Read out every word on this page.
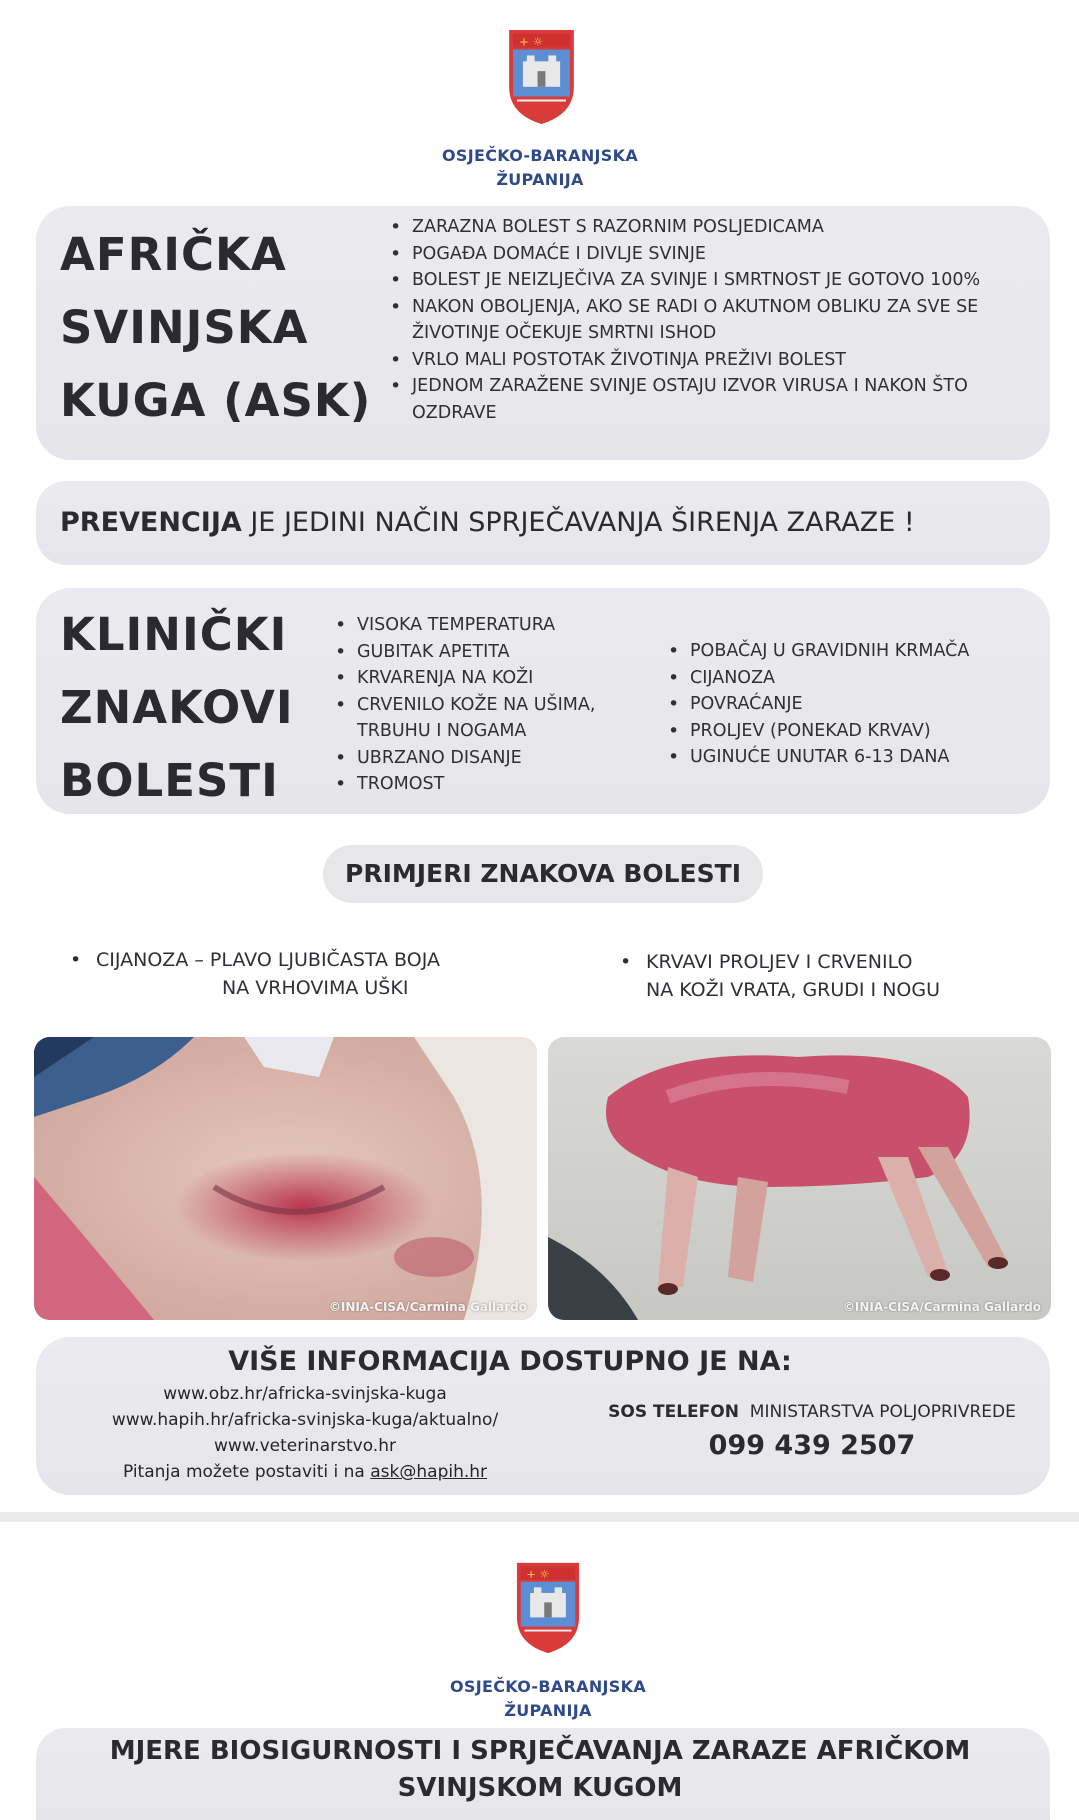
+ ☼
OSJEČKO-BARANJSKA
ŽUPANIJA
AFRIČKA
SVINJSKA
KUGA (ASK)
• ZARAZNA BOLEST S RAZORNIM POSLJEDICAMA
• POGAĐA DOMAĆE I DIVLJE SVINJE
• BOLEST JE NEIZLJEČIVA ZA SVINJE I SMRTNOST JE GOTOVO 100%
• NAKON OBOLJENJA, AKO SE RADI O AKUTNOM OBLIKU ZA SVE SE ŽIVOTINJE OČEKUJE SMRTNI ISHOD
• VRLO MALI POSTOTAK ŽIVOTINJA PREŽIVI BOLEST
• JEDNOM ZARAŽENE SVINJE OSTAJU IZVOR VIRUSA I NAKON ŠTO OZDRAVE
PREVENCIJA JE JEDINI NAČIN SPRJEČAVANJA ŠIRENJA ZARAZE !
KLINIČKI
ZNAKOVI
BOLESTI
• VISOKA TEMPERATURA
• GUBITAK APETITA
• KRVARENJA NA KOŽI
• CRVENILO KOŽE NA UŠIMA, TRBUHU I NOGAMA
• UBRZANO DISANJE
• TROMOST
• POBAČAJ U GRAVIDNIH KRMAČA
• CIJANOZA
• POVRAĆANJE
• PROLJEV (PONEKAD KRVAV)
• UGINUĆE UNUTAR 6-13 DANA
PRIMJERI ZNAKOVA BOLESTI
• CIJANOZA – PLAVO LJUBIČASTA BOJA
NA VRHOVIMA UŠKI
• KRVAVI PROLJEV I CRVENILO
NA KOŽI VRATA, GRUDI I NOGU
©INIA-CISA/Carmina Gallardo	©INIA-CISA/Carmina Gallardo
VIŠE INFORMACIJA DOSTUPNO JE NA:
www.obz.hr/africka-svinjska-kuga
www.hapih.hr/africka-svinjska-kuga/aktualno/
www.veterinarstvo.hr
Pitanja možete postaviti i na ask@hapih.hr
SOS TELEFON MINISTARSTVA POLJOPRIVREDE
099 439 2507
+ ☼
OSJEČKO-BARANJSKA
ŽUPANIJA
MJERE BIOSIGURNOSTI I SPRJEČAVANJA ZARAZE AFRIČKOM
SVINJSKOM KUGOM
